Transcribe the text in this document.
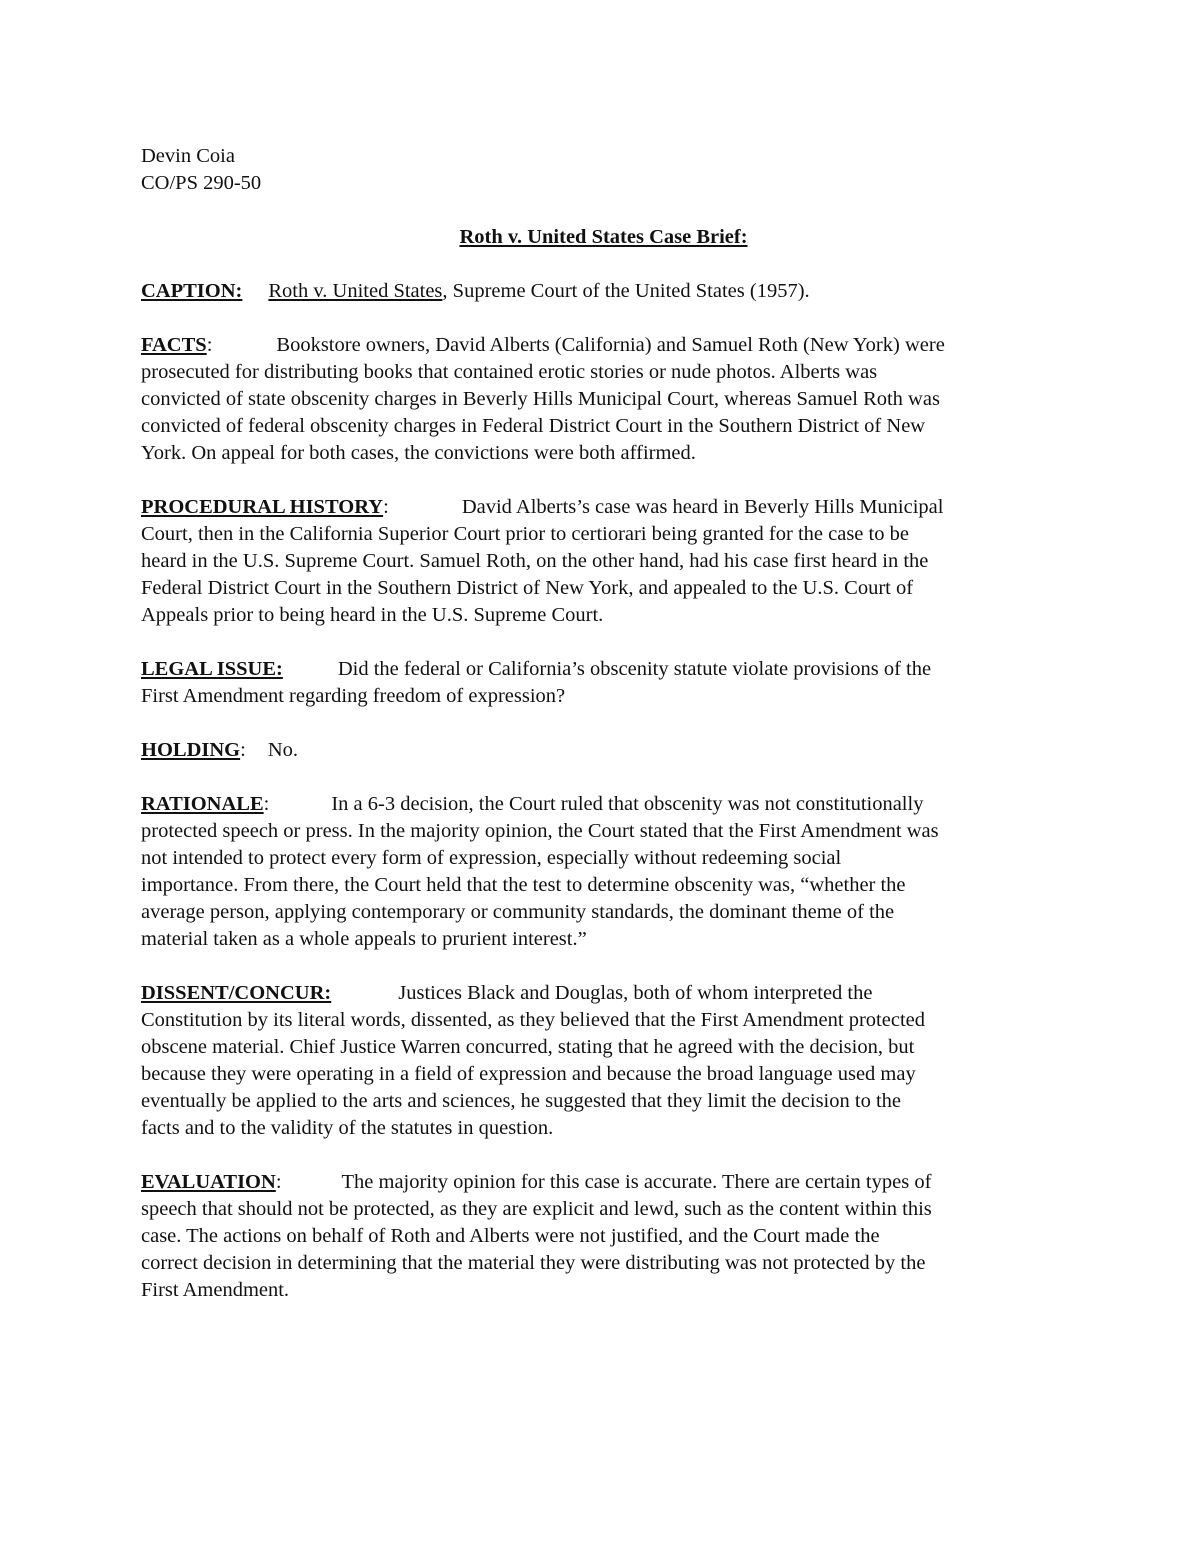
Devin Coia
CO/PS 290-50
Roth v. United States Case Brief:
CAPTION: Roth v. United States, Supreme Court of the United States (1957).
FACTS:	Bookstore owners, David Alberts (California) and Samuel Roth (New York) were
prosecuted for distributing books that contained erotic stories or nude photos. Alberts was
convicted of state obscenity charges in Beverly Hills Municipal Court, whereas Samuel Roth was
convicted of federal obscenity charges in Federal District Court in the Southern District of New
York. On appeal for both cases, the convictions were both affirmed.
PROCEDURAL HISTORY:	David Alberts’s case was heard in Beverly Hills Municipal
Court, then in the California Superior Court prior to certiorari being granted for the case to be
heard in the U.S. Supreme Court. Samuel Roth, on the other hand, had his case first heard in the
Federal District Court in the Southern District of New York, and appealed to the U.S. Court of
Appeals prior to being heard in the U.S. Supreme Court.
LEGAL ISSUE:	Did the federal or California’s obscenity statute violate provisions of the
First Amendment regarding freedom of expression?
HOLDING: No.
RATIONALE:	In a 6-3 decision, the Court ruled that obscenity was not constitutionally
protected speech or press. In the majority opinion, the Court stated that the First Amendment was
not intended to protect every form of expression, especially without redeeming social
importance. From there, the Court held that the test to determine obscenity was, “whether the
average person, applying contemporary or community standards, the dominant theme of the
material taken as a whole appeals to prurient interest.”
DISSENT/CONCUR:	Justices Black and Douglas, both of whom interpreted the
Constitution by its literal words, dissented, as they believed that the First Amendment protected
obscene material. Chief Justice Warren concurred, stating that he agreed with the decision, but
because they were operating in a field of expression and because the broad language used may
eventually be applied to the arts and sciences, he suggested that they limit the decision to the
facts and to the validity of the statutes in question.
EVALUATION:	The majority opinion for this case is accurate. There are certain types of
speech that should not be protected, as they are explicit and lewd, such as the content within this
case. The actions on behalf of Roth and Alberts were not justified, and the Court made the
correct decision in determining that the material they were distributing was not protected by the
First Amendment.
